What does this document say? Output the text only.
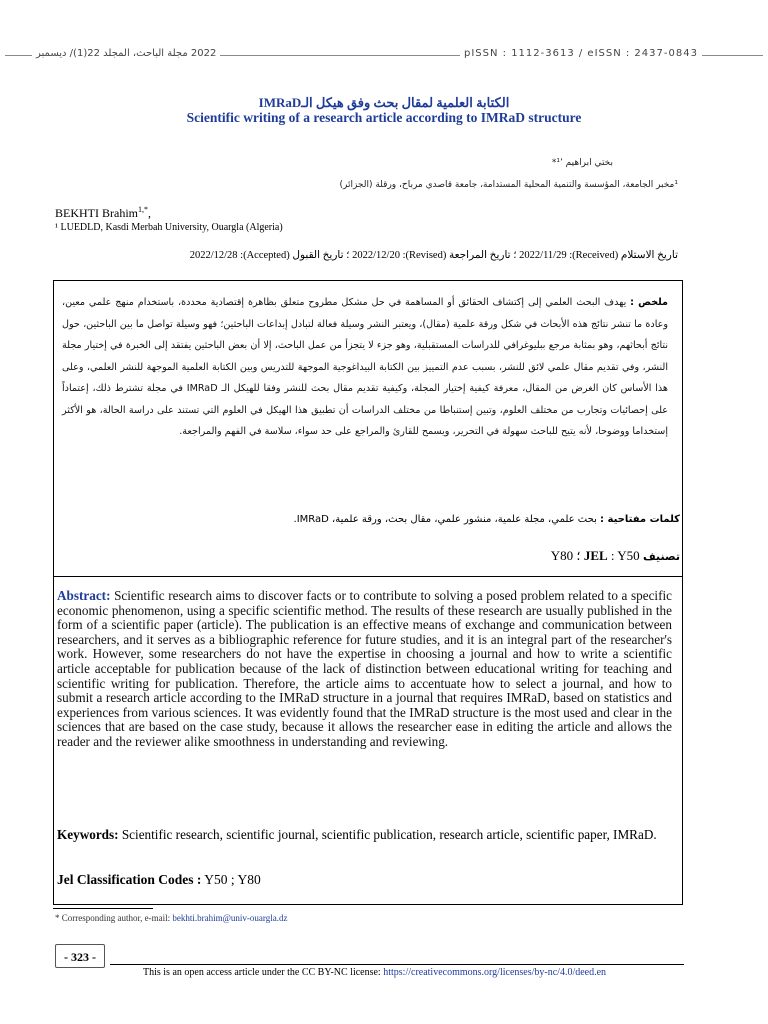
2022 مجلة الباحث، المجلد 22(1)/ ديسمبر	pISSN : 1112-3613 / eISSN : 2437-0843
الكتابة العلمية لمقال بحث وفق هيكل الـIMRaD
Scientific writing of a research article according to IMRaD structure
بختي ابراهيم ¹٬*
¹مخبر الجامعة، المؤسسة والتنمية المحلية المستدامة، جامعة قاصدي مرباح، ورقلة (الجزائر)
BEKHTI Brahim$^{1,*}$,
¹ LUEDLD, Kasdi Merbah University, Ouargla (Algeria)
تاريخ الاستلام (Received): 2022/11/29 ؛ تاريخ المراجعة (Revised): 2022/12/20 ؛ تاريخ القبول (Accepted): 2022/12/28
ملخص : يهدف البحث العلمي إلى إكتشاف الحقائق أو المساهمة في حل مشكل مطروح متعلق بظاهرة إقتصادية محددة، باستخدام منهج علمي معين، وعادة ما تنشر نتائج هذه الأبحاث في شكل ورقة علمية (مقال)، ويعتبر النشر وسيلة فعالة لتبادل إبداعات الباحثين؛ فهو وسيلة تواصل ما بين الباحثين، حول نتائج أبحاثهم، وهو بمثابة مرجع ببليوغرافي للدراسات المستقبلية، وهو جزء لا يتجزأ من عمل الباحث، إلا أن بعض الباحثين يفتقد إلى الخبرة في إختيار مجلة النشر، وفي تقديم مقال علمي لائق للنشر، بسبب عدم التمييز بين الكتابة البيداغوجية الموجهة للتدريس وبين الكتابة العلمية الموجهة للنشر العلمي، وعلى هذا الأساس كان الغرض من المقال، معرفة كيفية إختيار المجلة، وكيفية تقديم مقال بحث للنشر وفقا للهيكل الـ IMRaD في مجلة تشترط ذلك، إعتماداً على إحصائيات وتجارب من مختلف العلوم، وتبين إستنباطا من مختلف الدراسات أن تطبيق هذا الهيكل في العلوم التي تستند على دراسة الحالة، هو الأكثر إستخداما ووضوحا، لأنه يتيح للباحث سهولة في التحرير، ويسمح للقارئ والمراجع على حد سواء، سلاسة في الفهم والمراجعة.
كلمات مفتاحية : بحث علمي، مجلة علمية، منشور علمي، مقال بحث، ورقة علمية، IMRaD.
تصنيف JEL : Y50 ؛ Y80
Abstract: Scientific research aims to discover facts or to contribute to solving a posed problem related to a specific economic phenomenon, using a specific scientific method. The results of these research are usually published in the form of a scientific paper (article). The publication is an effective means of exchange and communication between researchers, and it serves as a bibliographic reference for future studies, and it is an integral part of the researcher's work. However, some researchers do not have the expertise in choosing a journal and how to write a scientific article acceptable for publication because of the lack of distinction between educational writing for teaching and scientific writing for publication. Therefore, the article aims to accentuate how to select a journal, and how to submit a research article according to the IMRaD structure in a journal that requires IMRaD, based on statistics and experiences from various sciences. It was evidently found that the IMRaD structure is the most used and clear in the sciences that are based on the case study, because it allows the researcher ease in editing the article and allows the reader and the reviewer alike smoothness in understanding and reviewing.
Keywords: Scientific research, scientific journal, scientific publication, research article, scientific paper, IMRaD.
Jel Classification Codes : Y50 ; Y80
* Corresponding author, e-mail: bekhti.brahim@univ-ouargla.dz
- 323 -
This is an open access article under the CC BY-NC license: https://creativecommons.org/licenses/by-nc/4.0/deed.en
